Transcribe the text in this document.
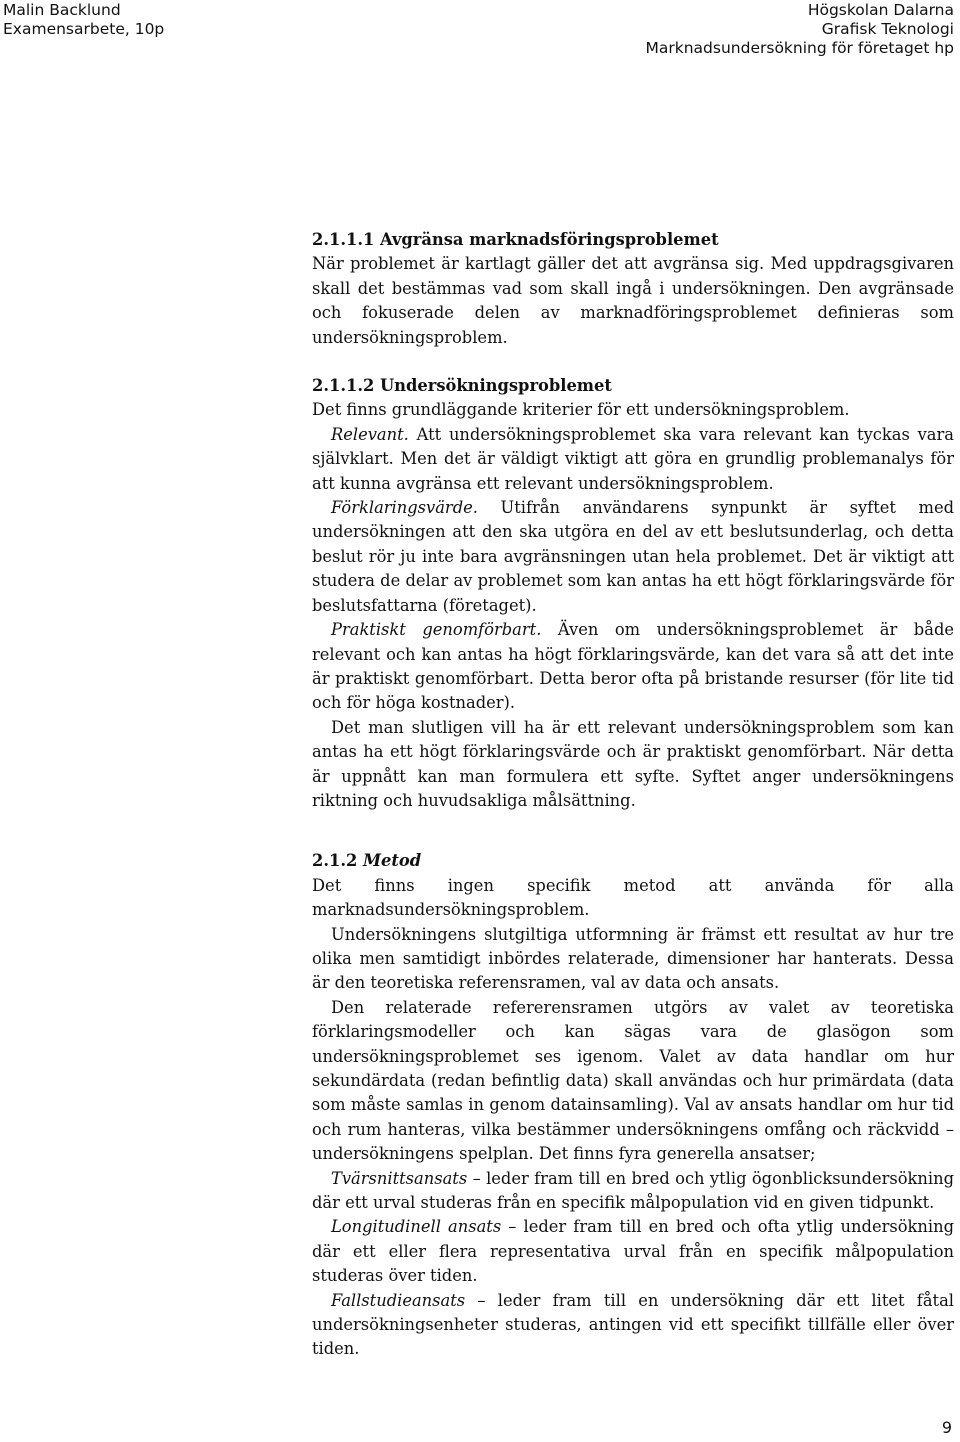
Malin Backlund
Examensarbete, 10p
Högskolan Dalarna
Grafisk Teknologi
Marknadsundersökning för företaget hp
2.1.1.1 Avgränsa marknadsföringsproblemet

När problemet är kartlagt gäller det att avgränsa sig. Med uppdragsgivaren skall det bestämmas vad som skall ingå i undersökningen. Den avgränsade och fokuserade delen av marknadföringsproblemet definieras som undersökningsproblem.

2.1.1.2 Undersökningsproblemet

Det finns grundläggande kriterier för ett undersökningsproblem.

Relevant. Att undersökningsproblemet ska vara relevant kan tyckas vara självklart. Men det är väldigt viktigt att göra en grundlig problemanalys för att kunna avgränsa ett relevant undersökningsproblem.

Förklaringsvärde. Utifrån användarens synpunkt är syftet med undersökningen att den ska utgöra en del av ett beslutsunderlag, och detta beslut rör ju inte bara avgränsningen utan hela problemet. Det är viktigt att studera de delar av problemet som kan antas ha ett högt förklaringsvärde för beslutsfattarna (företaget).

Praktiskt genomförbart. Även om undersökningsproblemet är både relevant och kan antas ha högt förklaringsvärde, kan det vara så att det inte är praktiskt genomförbart. Detta beror ofta på bristande resurser (för lite tid och för höga kostnader).

Det man slutligen vill ha är ett relevant undersökningsproblem som kan antas ha ett högt förklaringsvärde och är praktiskt genomförbart. När detta är uppnått kan man formulera ett syfte. Syftet anger undersökningens riktning och huvudsakliga målsättning.

2.1.2 Metod

Det finns ingen specifik metod att använda för alla marknadsundersökningsproblem.

Undersökningens slutgiltiga utformning är främst ett resultat av hur tre olika men samtidigt inbördes relaterade, dimensioner har hanterats. Dessa är den teoretiska referensramen, val av data och ansats.

Den relaterade refererensramen utgörs av valet av teoretiska förklaringsmodeller och kan sägas vara de glasögon som undersökningsproblemet ses igenom. Valet av data handlar om hur sekundärdata (redan befintlig data) skall användas och hur primärdata (data som måste samlas in genom datainsamling). Val av ansats handlar om hur tid och rum hanteras, vilka bestämmer undersökningens omfång och räckvidd – undersökningens spelplan. Det finns fyra generella ansatser;

Tvärsnittsansats – leder fram till en bred och ytlig ögonblicksundersökning där ett urval studeras från en specifik målpopulation vid en given tidpunkt.

Longitudinell ansats – leder fram till en bred och ofta ytlig undersökning där ett eller flera representativa urval från en specifik målpopulation studeras över tiden.

Fallstudieansats – leder fram till en undersökning där ett litet fåtal undersökningsenheter studeras, antingen vid ett specifikt tillfälle eller över tiden.

9
